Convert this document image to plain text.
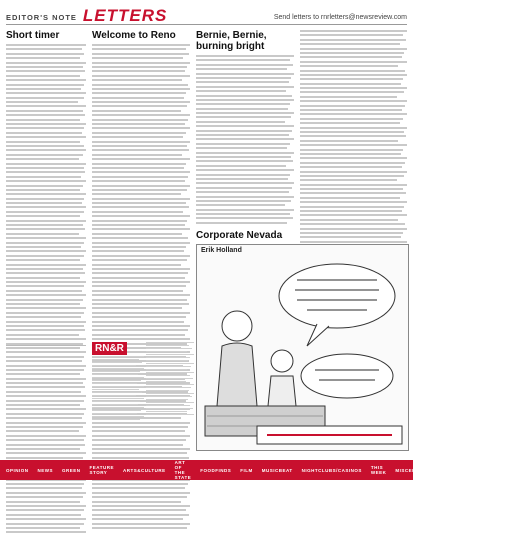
EDITOR'S NOTE LETTERS	Send letters to rnrletters@newsreview.com
Short timer	Welcome to Reno	Bernie, Bernie, burning bright
Corporate Nevada
Erik Holland
RN&R
OPINION NEWS GREEN FEATURE STORY	ARTS&CULTURE
ART OF THE STATE
FOODFINDS FILM MUSICBEAT NIGHTCLUBS/CASINOS THIS WEEK MISCELLANY NOVEMBER 19, 2015	RN&R 3
